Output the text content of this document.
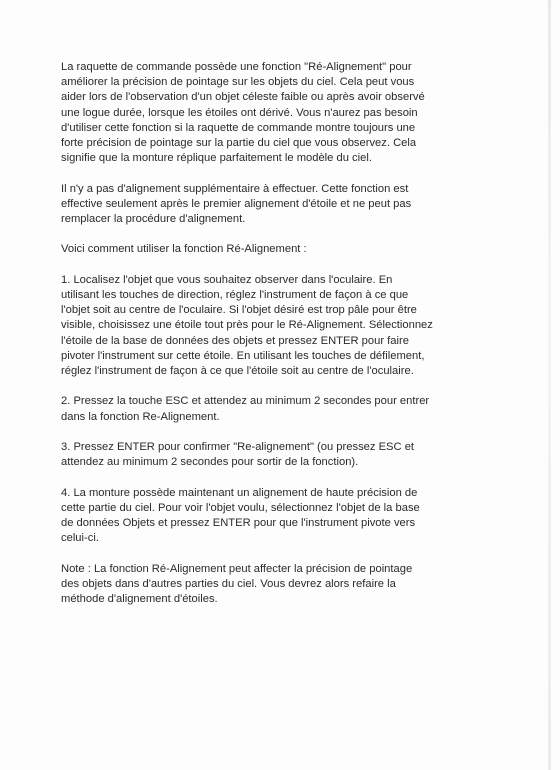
La raquette de commande possède une fonction "Ré-Alignement" pour
améliorer la précision de pointage sur les objets du ciel. Cela peut vous
aider lors de l'observation d'un objet céleste faible ou après avoir observé
une logue durée, lorsque les étoiles ont dérivé. Vous n'aurez pas besoin
d'utiliser cette fonction si la raquette de commande montre toujours une
forte précision de pointage sur la partie du ciel que vous observez. Cela
signifie que la monture réplique parfaitement le modèle du ciel.

Il n'y a pas d'alignement supplémentaire à effectuer. Cette fonction est
effective seulement après le premier alignement d'étoile et ne peut pas
remplacer la procédure d'alignement.

Voici comment utiliser la fonction Ré-Alignement :

1. Localisez l'objet que vous souhaitez observer dans l'oculaire. En
utilisant les touches de direction, réglez l'instrument de façon à ce que
l'objet soit au centre de l'oculaire. Si l'objet désiré est trop pâle pour être
visible, choisissez une étoile tout près pour le Ré-Alignement. Sélectionnez
l'étoile de la base de données des objets et pressez ENTER pour faire
pivoter l'instrument sur cette étoile. En utilisant les touches de défilement,
réglez l'instrument de façon à ce que l'étoile soit au centre de l'oculaire.

2. Pressez la touche ESC et attendez au minimum 2 secondes pour entrer
dans la fonction Re-Alignement.

3. Pressez ENTER pour confirmer "Re-alignement" (ou pressez ESC et
attendez au minimum 2 secondes pour sortir de la fonction).

4. La monture possède maintenant un alignement de haute précision de
cette partie du ciel. Pour voir l'objet voulu, sélectionnez l'objet de la base
de données Objets et pressez ENTER pour que l'instrument pivote vers
celui-ci.

Note : La fonction Ré-Alignement peut affecter la précision de pointage
des objets dans d'autres parties du ciel. Vous devrez alors refaire la
méthode d'alignement d'étoiles.
